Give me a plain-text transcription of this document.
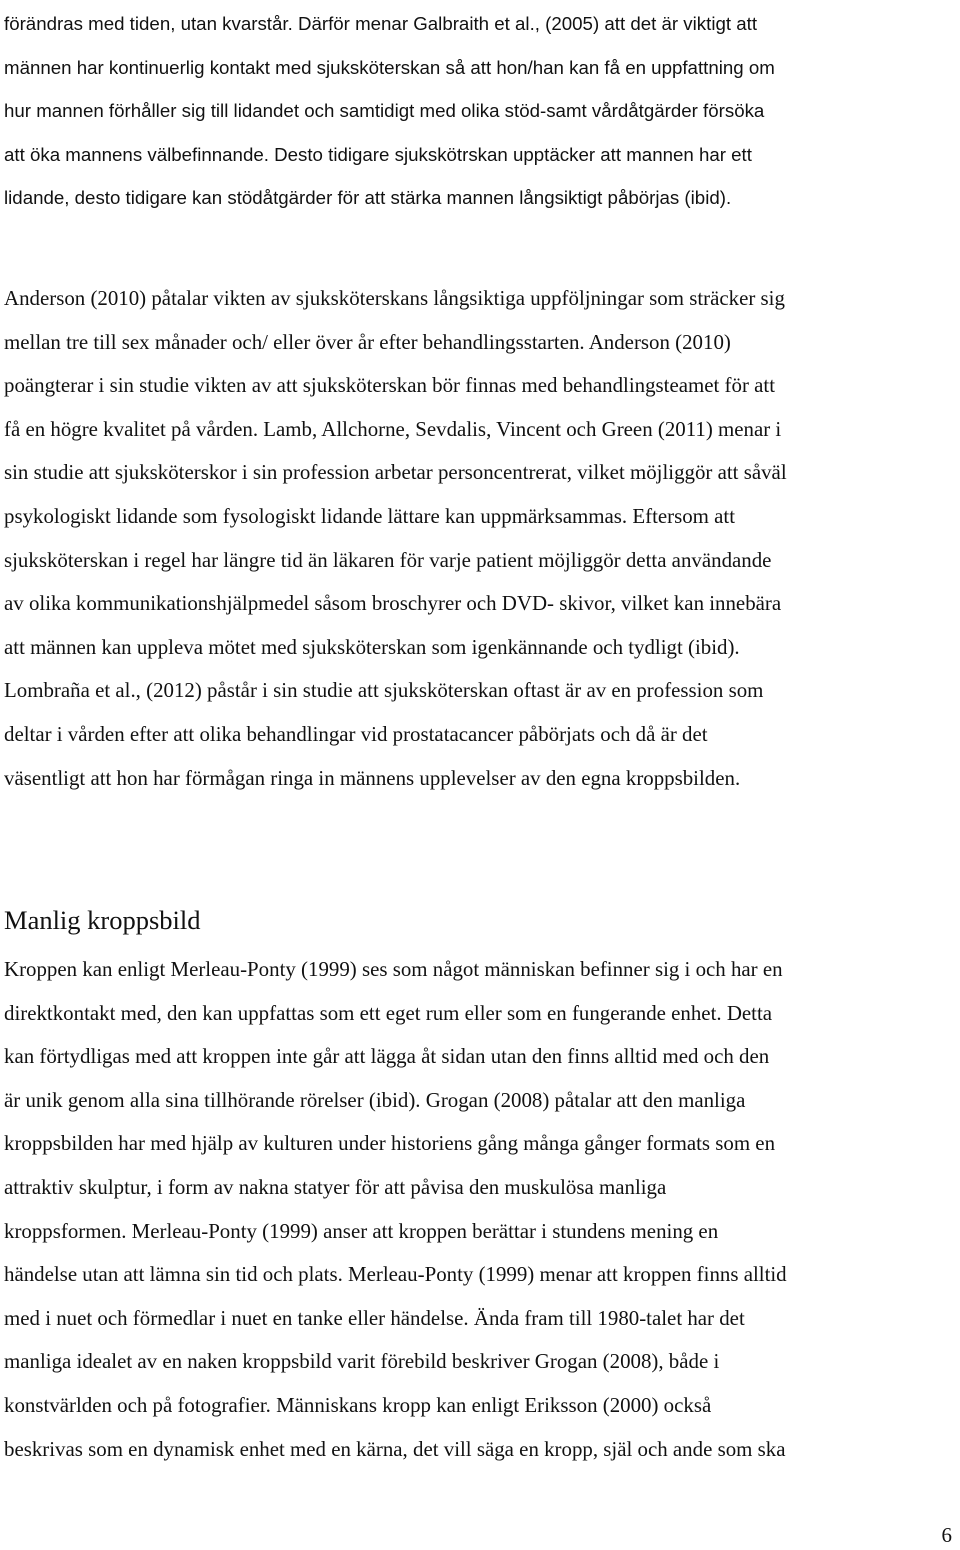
förändras med tiden, utan kvarstår. Därför menar Galbraith et al., (2005) att det är viktigt att
männen har kontinuerlig kontakt med sjuksköterskan så att hon/han kan få en uppfattning om
hur mannen förhåller sig till lidandet och samtidigt med olika stöd-samt vårdåtgärder försöka
att öka mannens välbefinnande. Desto tidigare sjukskötrskan upptäcker att mannen har ett
lidande, desto tidigare kan stödåtgärder för att stärka mannen långsiktigt påbörjas (ibid).
Anderson (2010) påtalar vikten av sjuksköterskans långsiktiga uppföljningar som sträcker sig
mellan tre till sex månader och/ eller över år efter behandlingsstarten. Anderson (2010)
poängterar i sin studie vikten av att sjuksköterskan bör finnas med behandlingsteamet för att
få en högre kvalitet på vården. Lamb, Allchorne, Sevdalis, Vincent och Green (2011) menar i
sin studie att sjuksköterskor i sin profession arbetar personcentrerat, vilket möjliggör att såväl
psykologiskt lidande som fysologiskt lidande lättare kan uppmärksammas. Eftersom att
sjuksköterskan i regel har längre tid än läkaren för varje patient möjliggör detta användande
av olika kommunikationshjälpmedel såsom broschyrer och DVD- skivor, vilket kan innebära
att männen kan uppleva mötet med sjuksköterskan som igenkännande och tydligt (ibid).
Lombraña et al., (2012) påstår i sin studie att sjuksköterskan oftast är av en profession som
deltar i vården efter att olika behandlingar vid prostatacancer påbörjats och då är det
väsentligt att hon har förmågan ringa in männens upplevelser av den egna kroppsbilden.
Manlig kroppsbild
Kroppen kan enligt Merleau-Ponty (1999) ses som något människan befinner sig i och har en
direktkontakt med, den kan uppfattas som ett eget rum eller som en fungerande enhet. Detta
kan förtydligas med att kroppen inte går att lägga åt sidan utan den finns alltid med och den
är unik genom alla sina tillhörande rörelser (ibid). Grogan (2008) påtalar att den manliga
kroppsbilden har med hjälp av kulturen under historiens gång många gånger formats som en
attraktiv skulptur, i form av nakna statyer för att påvisa den muskulösa manliga
kroppsformen. Merleau-Ponty (1999) anser att kroppen berättar i stundens mening en
händelse utan att lämna sin tid och plats. Merleau-Ponty (1999) menar att kroppen finns alltid
med i nuet och förmedlar i nuet en tanke eller händelse. Ända fram till 1980-talet har det
manliga idealet av en naken kroppsbild varit förebild beskriver Grogan (2008), både i
konstvärlden och på fotografier. Människans kropp kan enligt Eriksson (2000) också
beskrivas som en dynamisk enhet med en kärna, det vill säga en kropp, själ och ande som ska
6
